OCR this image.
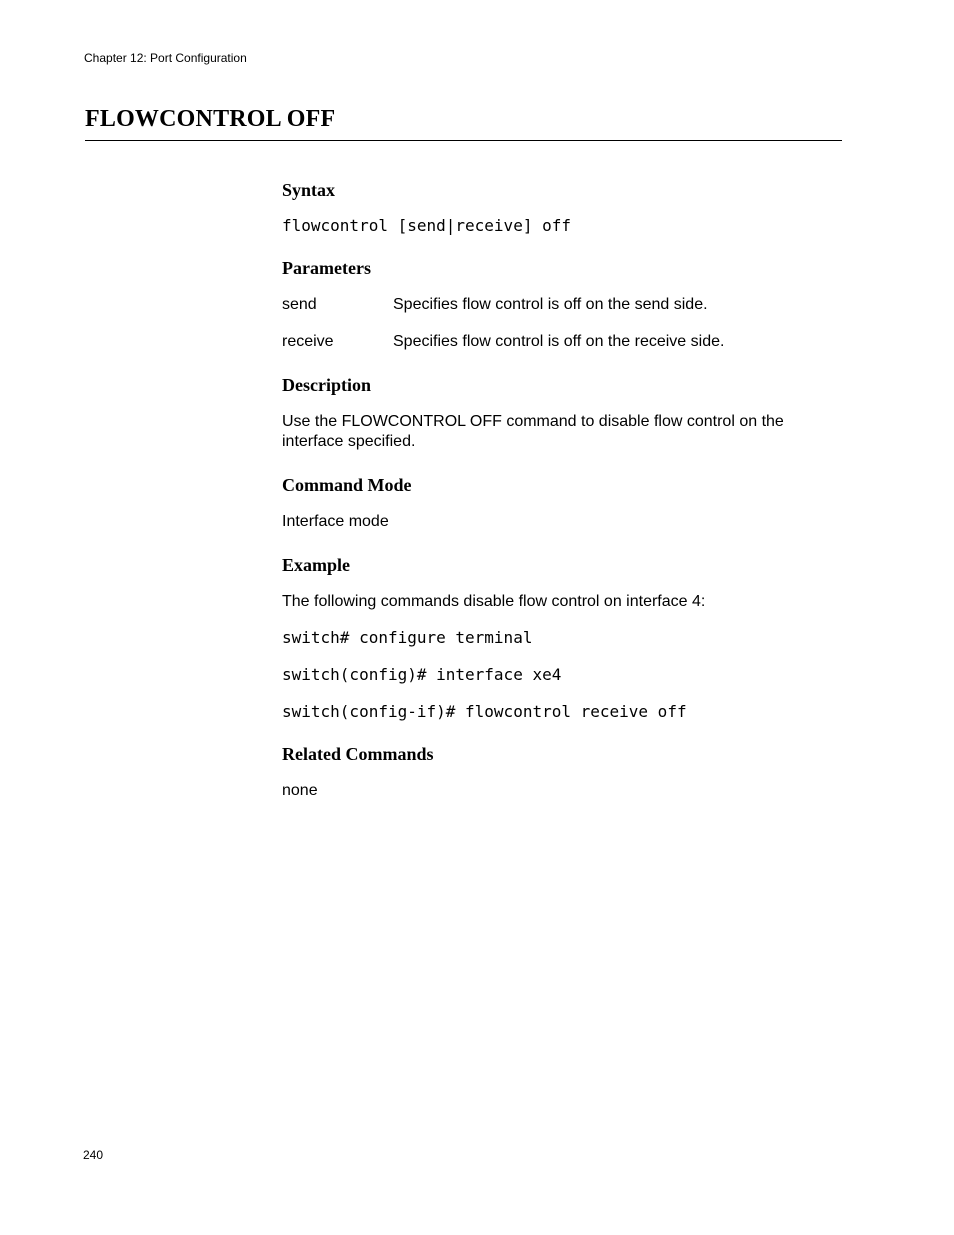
Chapter 12: Port Configuration
FLOWCONTROL OFF
Syntax
flowcontrol [send|receive] off
Parameters
send	Specifies flow control is off on the send side.
receive	Specifies flow control is off on the receive side.
Description
Use the FLOWCONTROL OFF command to disable flow control on the interface specified.
Command Mode
Interface mode
Example
The following commands disable flow control on interface 4:
switch# configure terminal
switch(config)# interface xe4
switch(config-if)# flowcontrol receive off
Related Commands
none
240
